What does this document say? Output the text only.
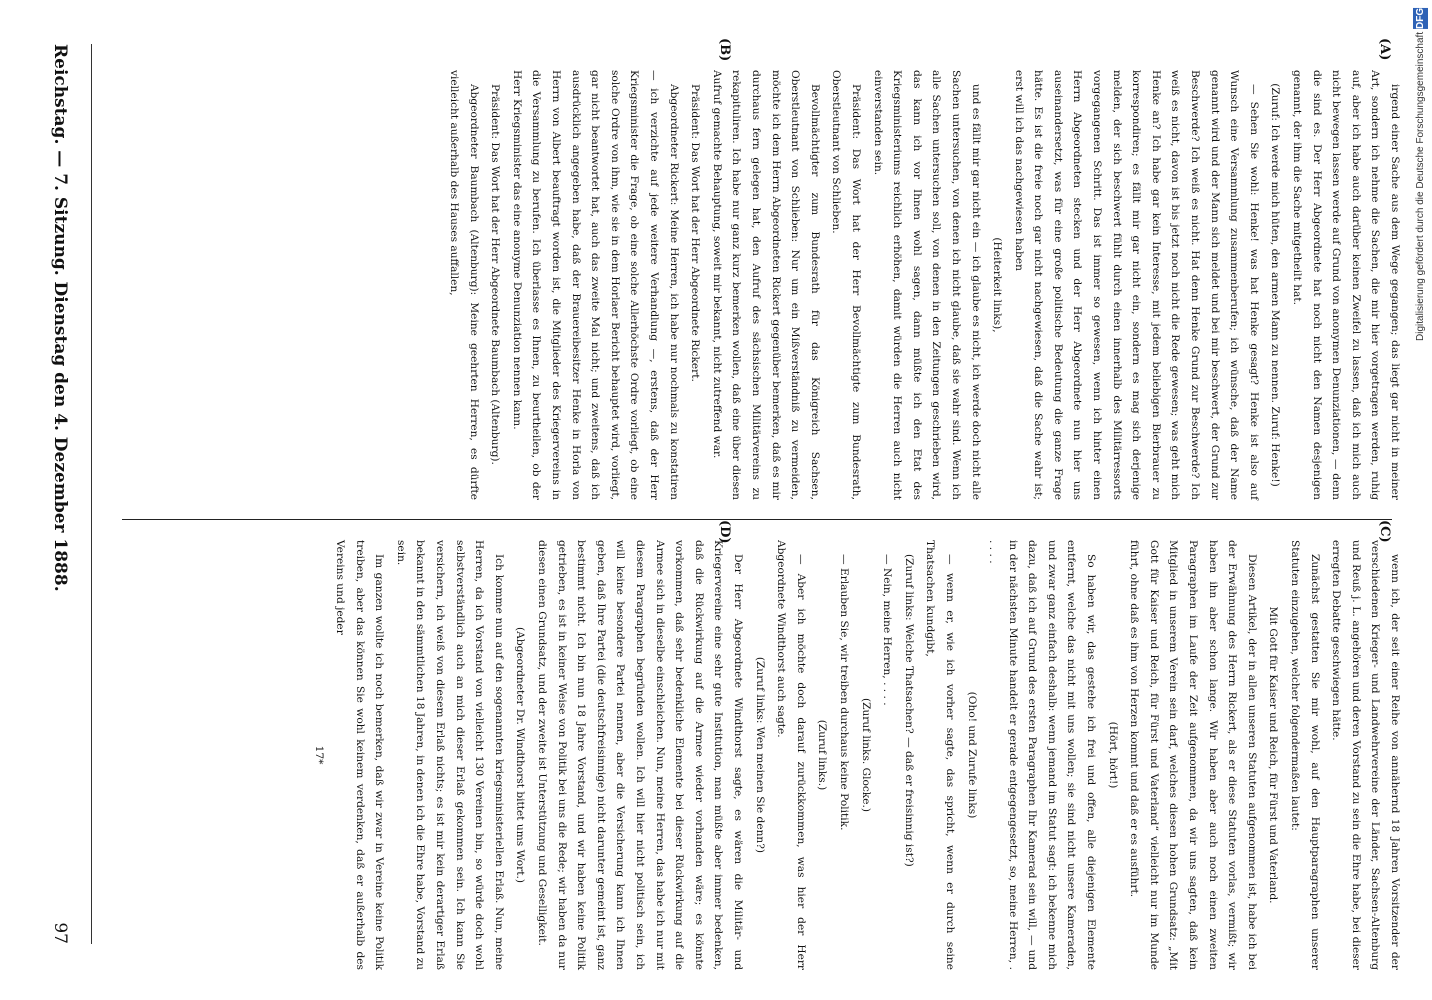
Reichstag. — 7. Sitzung. Dienstag den 4. Dezember 1888.
97
(A)
(B)
(C)
(D)

irgend einer Sache aus dem Wege gegangen; das liegt gar nicht in meiner Art, sondern ich nehme die Sachen, die mir hier vorgetragen werden, ruhig auf, aber ich habe auch darüber keinen Zweifel zu lassen, daß ich mich auch nicht bewegen lassen werde auf Grund von anonymen Denunziationen, — denn die sind es. Der Herr Abgeordnete hat noch nicht den Namen desjenigen genannt, der ihm die Sache mitgetheilt hat.

(Zuruf: Ich werde mich hüten, den armen Mann zu nennen. Zuruf: Henke!)

— Sehen Sie wohl: Henke! was hat Henke gesagt? Henke ist also auf Wunsch eine Versammlung zusammenberufen; ich wünsche, daß der Name genannt wird und der Mann sich meldet und bei mir beschwert, der Grund zur Beschwerde? Ich weiß es nicht. Hat denn Henke Grund zur Beschwerde? Ich weiß es nicht, davon ist bis jetzt noch nicht die Rede gewesen; was geht mich Henke an? Ich habe gar kein Interesse, mit jedem beliebigen Bierbrauer zu korrespondiren; es fällt mir gar nicht ein, sondern es mag sich derjenige melden, der sich beschwert fühlt durch einen innerhalb des Militärressorts vorgegangenen Schritt. Das ist immer so gewesen, wenn ich hinter einen Herrn Abgeordneten stecken und der Herr Abgeordnete nun hier uns auseinandersetzt, was für eine große politische Bedeutung die ganze Frage hätte. Es ist die freie noch gar nicht nachgewiesen, daß die Sache wahr ist; erst will ich das nachgewiesen haben

(Heiterkeit links),

und es fällt mir gar nicht ein — ich glaube es nicht, ich werde doch nicht alle Sachen untersuchen, von denen ich nicht glaube, daß sie wahr sind. Wenn ich alle Sachen untersuchen soll, von denen in den Zeitungen geschrieben wird, das kann ich vor Ihnen wohl sagen, dann müßte ich den Etat des Kriegsministeriums reichlich erhöhen, damit würden die Herren auch nicht einverstanden sein.

Präsident: Das Wort hat der Herr Bevollmächtigte zum Bundesrath, Oberstleutnant von Schlieben.

Bevollmächtigter zum Bundesrath für das Königreich Sachsen, Oberstleutnant von Schlieben: Nur um ein Mißverständniß zu vermeiden, möchte ich dem Herrn Abgeordneten Rickert gegenüber bemerken, daß es mir durchaus fern gelegen hat, den Aufruf des sächsischen Militärvereins zu rekapituliren. Ich habe nur ganz kurz bemerken wollen, daß eine über diesen Aufruf gemachte Behauptung, soweit mir bekannt, nicht zutreffend war.

Präsident: Das Wort hat der Herr Abgeordnete Rickert.

Abgeordneter Rickert: Meine Herren, ich habe nur nochmals zu konstatiren — ich verzichte auf jede weitere Verhandlung —, erstens, daß der Herr Kriegsminister die Frage, ob eine solche Allerhöchste Ordre vorliegt, ob eine solche Ordre von ihm, wie sie in dem Horlaer Bericht behauptet wird, vorliegt, gar nicht beantwortet hat, auch das zweite Mal nicht; und zweitens, daß ich ausdrücklich angegeben habe, daß der Brauereibesitzer Henke in Horla von Herrn von Albert beauftragt worden ist, die Mitglieder des Kriegervereins in die Versammlung zu berufen. Ich überlasse es Ihnen, zu beurtheilen, ob der Herr Kriegsminister das eine anonyme Denunziation nennen kann.

Präsident: Das Wort hat der Herr Abgeordnete Baumbach (Altenburg).

Abgeordneter Baumbach (Altenburg): Meine geehrten Herren, es dürfte vielleicht außerhalb des Hauses auffallen,

wenn ich, der seit einer Reihe von annähernd 18 Jahren Vorsitzender der verschiedenen Krieger- und Landwehrvereine der Länder, Sachsen-Altenburg und Reuß j. L. angehören und deren Vorstand zu sein die Ehre habe, bei dieser erregten Debatte geschwiegen hätte.

Zunächst gestatten Sie mir wohl, auf den Hauptparagraphen unserer Statuten einzugehen, welcher folgendermaßen lautet:

Mit Gott für Kaiser und Reich, für Fürst und Vaterland.

Diesen Artikel, der in allen unseren Statuten aufgenommen ist, habe ich bei der Erwähnung des Herrn Rickert, als er diese Statuten vorlas, vermißt; wir haben ihn aber schon lange. Wir haben aber auch noch einen zweiten Paragraphen im Laufe der Zeit aufgenommen, da wir uns sagten, daß kein Mitglied in unserem Verein sein darf, welches diesen hohen Grundsatz: „Mit Gott für Kaiser und Reich, für Fürst und Vaterland“ vielleicht nur im Munde führt, ohne daß es ihm von Herzen kommt und daß er es ausführt.

(Hört, hört!)

So haben wir, das gestehe ich frei und offen, alle diejenigen Elemente entfernt, welche das nicht mit uns wollen; sie sind nicht unsere Kameraden, und zwar ganz einfach deshalb: wenn jemand im Statut sagt: ich bekenne mich dazu, daß ich auf Grund des ersten Paragraphen Ihr Kamerad sein will, — und in der nächsten Minute handelt er gerade entgegengesetzt, so, meine Herren, . . . . .

(Oho! und Zurufe links)

— wenn er, wie ich vorher sagte, das spricht, wenn er durch seine Thatsachen kundgibt,

(Zuruf links: Welche Thatsachen? — daß er freisinnig ist?)

— Nein, meine Herren, . . . .

(Zuruf links. Glocke.)

— Erlauben Sie, wir treiben durchaus keine Politik.

(Zuruf links.)

— Aber ich möchte doch darauf zurückkommen, was hier der Herr Abgeordnete Windthorst auch sagte.

(Zuruf links: Wen meinen Sie denn?)

Der Herr Abgeordnete Windthorst sagte, es wären die Militär- und Kriegervereine eine sehr gute Institution, man müßte aber immer bedenken, daß die Rückwirkung auf die Armee wieder vorhanden wäre; es könnte vorkommen, daß sehr bedenkliche Elemente bei dieser Rückwirkung auf die Armee sich in dieselbe einschleichen. Nun, meine Herren, das habe ich nur mit diesem Paragraphen begründen wollen. Ich will hier nicht politisch sein, ich will keine besondere Partei nennen, aber die Versicherung kann ich Ihnen geben, daß Ihre Partei (die deutschfreisinnige) nicht darunter gemeint ist, ganz bestimmt nicht. Ich bin nun 18 Jahre Vorstand, und wir haben keine Politik getrieben, es ist in keiner Weise von Politik bei uns die Rede; wir haben da nur diesen einen Grundsatz, und der zweite ist Unterstützung und Geselligkeit.

(Abgeordneter Dr. Windthorst bittet ums Wort.)

Ich komme nun auf den sogenannten kriegsministeriellen Erlaß. Nun, meine Herren, da ich Vorstand von vielleicht 130 Vereinen bin, so würde doch wohl selbstverständlich auch an mich dieser Erlaß gekommen sein. Ich kann Sie versichern, ich weiß von diesem Erlaß nichts; es ist mir kein derartiger Erlaß bekannt in den sämmtlichen 18 Jahren, in denen ich die Ehre habe, Vorstand zu sein.

Im ganzen wollte ich noch bemerken, daß wir zwar in Vereine keine Politik treiben, aber das können Sie wohl keinem verdenken, daß er außerhalb des Vereins und jeder

17*

Digitalisierung gefördert durch die Deutsche Forschungsgemeinschaft DFG
